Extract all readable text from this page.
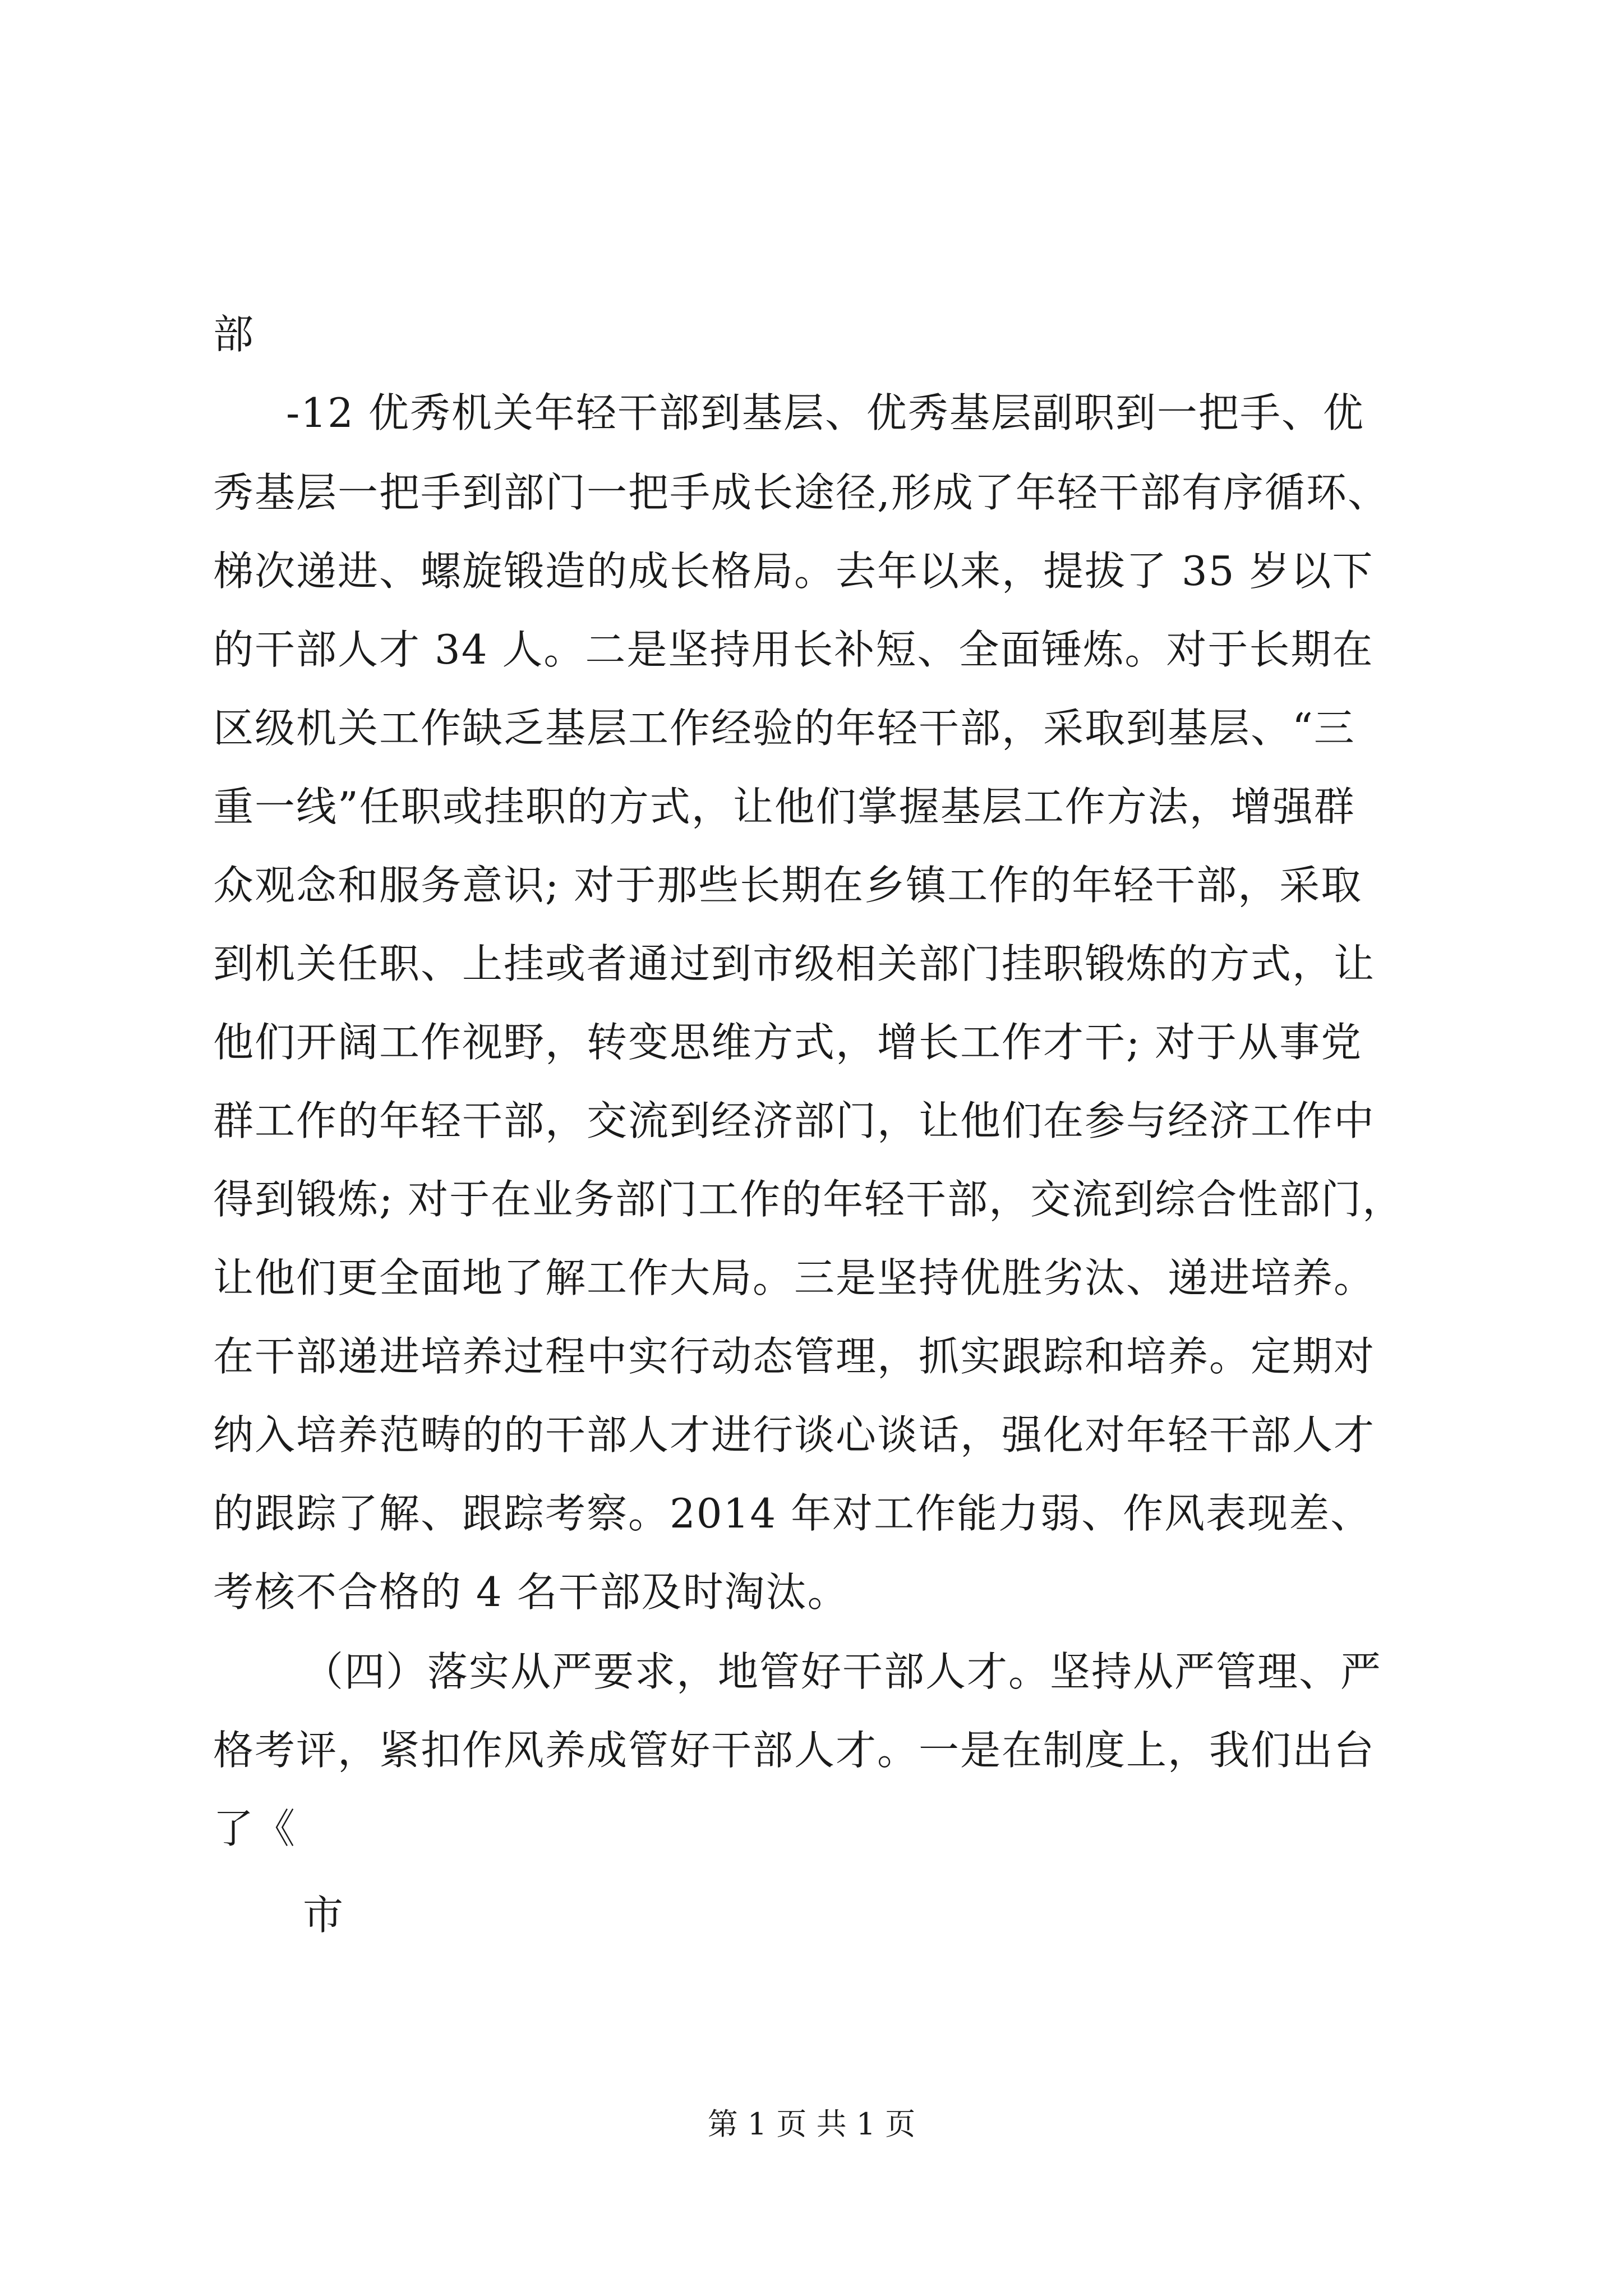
部
-12 优秀机关年轻干部到基层、优秀基层副职到一把手、优
秀基层一把手到部门一把手成长途径,形成了年轻干部有序循环、
梯次递进、螺旋锻造的成长格局。去年以来，提拔了 35 岁以下
的干部人才 34 人。二是坚持用长补短、全面锤炼。对于长期在
区级机关工作缺乏基层工作经验的年轻干部，采取到基层、“三
重一线”任职或挂职的方式，让他们掌握基层工作方法，增强群
众观念和服务意识; 对于那些长期在乡镇工作的年轻干部，采取
到机关任职、上挂或者通过到市级相关部门挂职锻炼的方式，让
他们开阔工作视野，转变思维方式，增长工作才干; 对于从事党
群工作的年轻干部，交流到经济部门，让他们在参与经济工作中
得到锻炼; 对于在业务部门工作的年轻干部，交流到综合性部门，
让他们更全面地了解工作大局。三是坚持优胜劣汰、递进培养。
在干部递进培养过程中实行动态管理，抓实跟踪和培养。定期对
纳入培养范畴的的干部人才进行谈心谈话，强化对年轻干部人才
的跟踪了解、跟踪考察。2014 年对工作能力弱、作风表现差、
考核不合格的 4 名干部及时淘汰。
（四）落实从严要求，地管好干部人才。坚持从严管理、严
格考评，紧扣作风养成管好干部人才。一是在制度上，我们出台
了《
市
第 1 页 共 1 页
